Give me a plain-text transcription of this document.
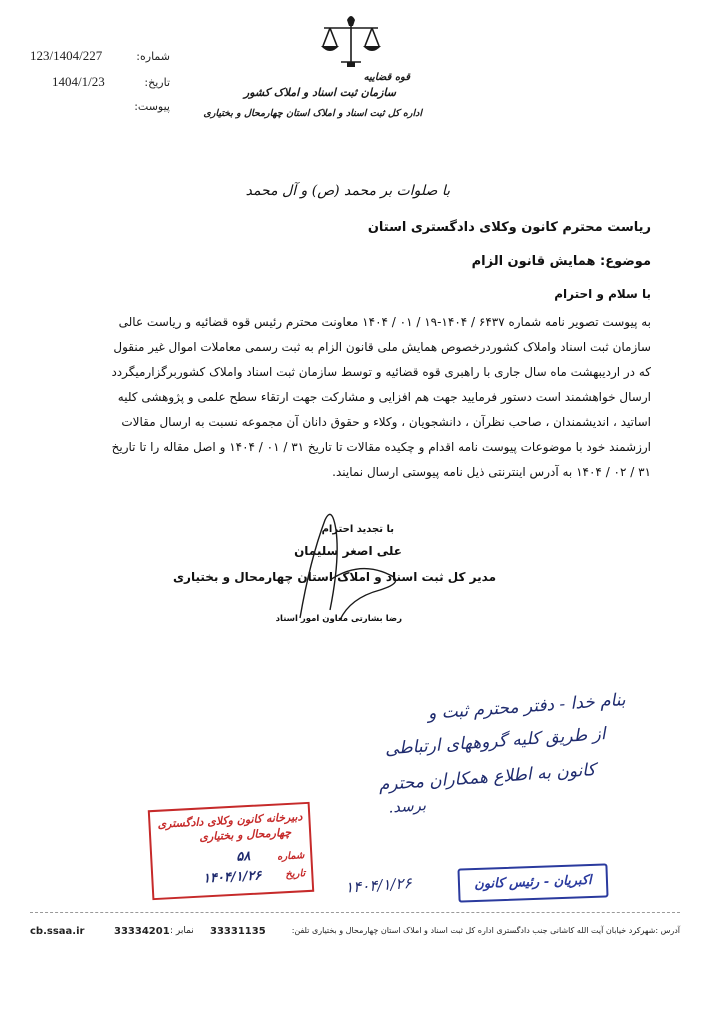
123/1404/227	شماره:
1404/1/23	تاریخ:
پیوست:
قوه قضاییه
سازمان ثبت اسناد و املاک کشور
اداره کل ثبت اسناد و املاک استان چهارمحال و بختیاری
با صلوات بر محمد (ص) و آل محمد
ریاست محترم کانون وکلای دادگستری استان
موضوع: همایش قانون الزام
با سلام و احترام
به پیوست تصویر نامه شماره ۶۴۳۷ / ۱۴۰۴-۱۹ / ۰۱ / ۱۴۰۴ معاونت محترم رئیس قوه قضائیه و ریاست عالی
سازمان ثبت اسناد واملاک کشوردرخصوص همایش ملی قانون الزام به ثبت رسمی معاملات اموال غیر منقول
که در اردیبهشت ماه سال جاری با راهبری قوه قضائیه و توسط سازمان ثبت اسناد واملاک کشوربرگزارمیگردد
ارسال خواهشمند است دستور فرمایید جهت هم افزایی و مشارکت جهت ارتقاء سطح علمی و پژوهشی کلیه
اساتید ، اندیشمندان ، صاحب نظرآن ، دانشجویان ، وکلاء و حقوق دانان آن مجموعه نسبت به ارسال مقالات
ارزشمند خود با موضوعات پیوست نامه اقدام و چکیده مقالات تا تاریخ ۳۱ / ۰۱ / ۱۴۰۴ و اصل مقاله را تا تاریخ
۳۱ / ۰۲ / ۱۴۰۴ به آدرس اینترنتی ذیل نامه پیوستی ارسال نمایند.
با تجدید احترام
علی اصغر سلیمان
مدیر کل ثبت اسناد و املاک استان چهارمحال و بختیاری
رضا بشارتی معاون امور اسناد
بنام خدا - دفتر محترم ثبت و
از طریق کلیه گروههای ارتباطی
کانون به اطلاع همکاران محترم
برسد.
۱۴۰۴/۱/۲۶
دبیرخانه کانون وکلای دادگستری
چهارمحال و بختیاری
شماره
۵۸
تاریخ
۱۴۰۴/۱/۲۶	اکبریان - رئیس کانون
cb.ssaa.ir	33334201 نمابر : 33331135	آدرس :شهرکرد خیابان آیت الله کاشانی جنب دادگستری اداره کل ثبت اسناد و املاک استان چهارمحال و بختیاری تلفن:
